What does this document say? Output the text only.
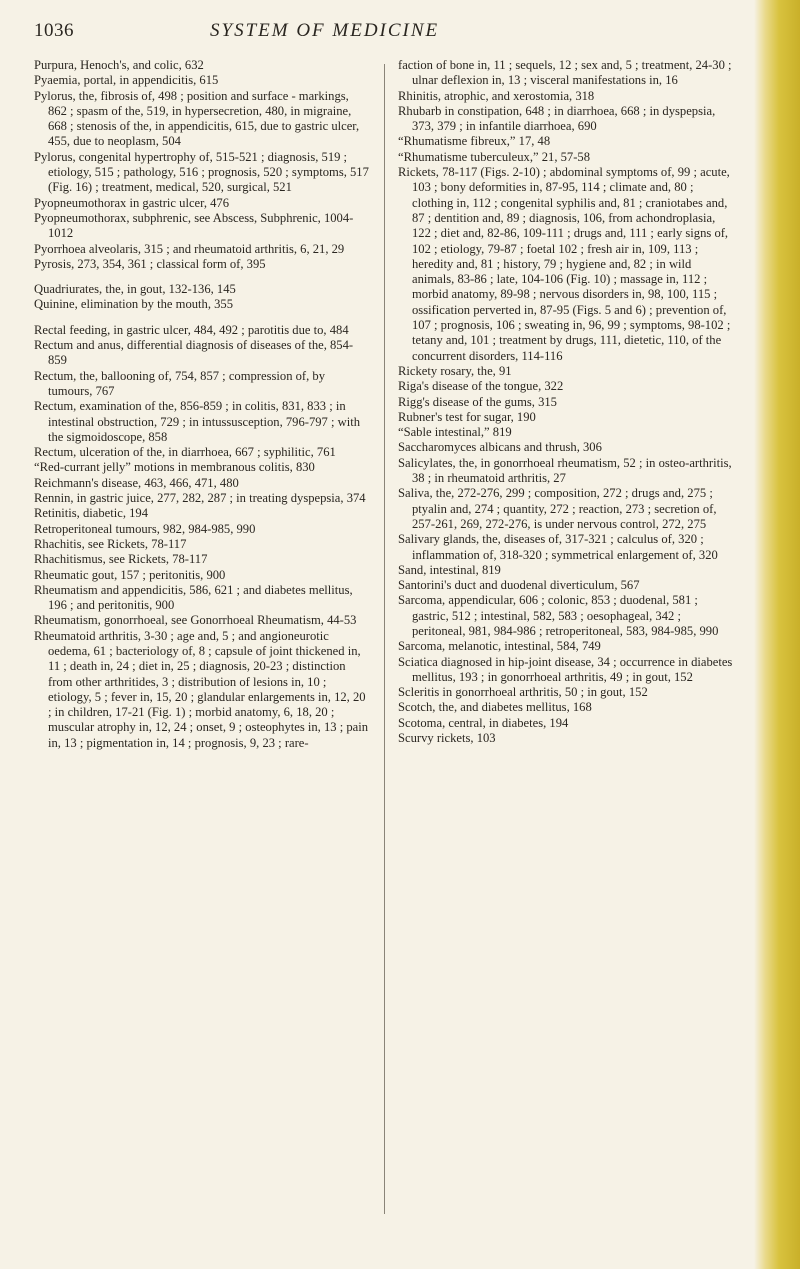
1036	SYSTEM OF MEDICINE

Purpura, Henoch's, and colic, 632

Pyaemia, portal, in appendicitis, 615

Pylorus, the, fibrosis of, 498 ; position and surface - markings, 862 ; spasm of the, 519, in hypersecretion, 480, in migraine, 668 ; stenosis of the, in appendicitis, 615, due to gastric ulcer, 455, due to neoplasm, 504

Pylorus, congenital hypertrophy of, 515-521 ; diagnosis, 519 ; etiology, 515 ; pathology, 516 ; prognosis, 520 ; symptoms, 517 (Fig. 16) ; treatment, medical, 520, surgical, 521

Pyopneumothorax in gastric ulcer, 476

Pyopneumothorax, subphrenic, see Abscess, Subphrenic, 1004-1012

Pyorrhoea alveolaris, 315 ; and rheumatoid arthritis, 6, 21, 29

Pyrosis, 273, 354, 361 ; classical form of, 395

Quadriurates, the, in gout, 132-136, 145

Quinine, elimination by the mouth, 355

Rectal feeding, in gastric ulcer, 484, 492 ; parotitis due to, 484

Rectum and anus, differential diagnosis of diseases of the, 854-859

Rectum, the, ballooning of, 754, 857 ; compression of, by tumours, 767

Rectum, examination of the, 856-859 ; in colitis, 831, 833 ; in intestinal obstruction, 729 ; in intussusception, 796-797 ; with the sigmoidoscope, 858

Rectum, ulceration of the, in diarrhoea, 667 ; syphilitic, 761

“Red-currant jelly” motions in membranous colitis, 830

Reichmann's disease, 463, 466, 471, 480

Rennin, in gastric juice, 277, 282, 287 ; in treating dyspepsia, 374

Retinitis, diabetic, 194

Retroperitoneal tumours, 982, 984-985, 990

Rhachitis, see Rickets, 78-117

Rhachitismus, see Rickets, 78-117

Rheumatic gout, 157 ; peritonitis, 900

Rheumatism and appendicitis, 586, 621 ; and diabetes mellitus, 196 ; and peritonitis, 900

Rheumatism, gonorrhoeal, see Gonorrhoeal Rheumatism, 44-53

Rheumatoid arthritis, 3-30 ; age and, 5 ; and angioneurotic oedema, 61 ; bacteriology of, 8 ; capsule of joint thickened in, 11 ; death in, 24 ; diet in, 25 ; diagnosis, 20-23 ; distinction from other arthritides, 3 ; distribution of lesions in, 10 ; etiology, 5 ; fever in, 15, 20 ; glandular enlargements in, 12, 20 ; in children, 17-21 (Fig. 1) ; morbid anatomy, 6, 18, 20 ; muscular atrophy in, 12, 24 ; onset, 9 ; osteophytes in, 13 ; pain in, 13 ; pigmentation in, 14 ; prognosis, 9, 23 ; rare-

faction of bone in, 11 ; sequels, 12 ; sex and, 5 ; treatment, 24-30 ; ulnar deflexion in, 13 ; visceral manifestations in, 16

Rhinitis, atrophic, and xerostomia, 318

Rhubarb in constipation, 648 ; in diarrhoea, 668 ; in dyspepsia, 373, 379 ; in infantile diarrhoea, 690

“Rhumatisme fibreux,” 17, 48

“Rhumatisme tuberculeux,” 21, 57-58

Rickets, 78-117 (Figs. 2-10) ; abdominal symptoms of, 99 ; acute, 103 ; bony deformities in, 87-95, 114 ; climate and, 80 ; clothing in, 112 ; congenital syphilis and, 81 ; craniotabes and, 87 ; dentition and, 89 ; diagnosis, 106, from achondroplasia, 122 ; diet and, 82-86, 109-111 ; drugs and, 111 ; early signs of, 102 ; etiology, 79-87 ; foetal 102 ; fresh air in, 109, 113 ; heredity and, 81 ; history, 79 ; hygiene and, 82 ; in wild animals, 83-86 ; late, 104-106 (Fig. 10) ; massage in, 112 ; morbid anatomy, 89-98 ; nervous disorders in, 98, 100, 115 ; ossification perverted in, 87-95 (Figs. 5 and 6) ; prevention of, 107 ; prognosis, 106 ; sweating in, 96, 99 ; symptoms, 98-102 ; tetany and, 101 ; treatment by drugs, 111, dietetic, 110, of the concurrent disorders, 114-116

Rickety rosary, the, 91

Riga's disease of the tongue, 322

Rigg's disease of the gums, 315

Rubner's test for sugar, 190

“Sable intestinal,” 819

Saccharomyces albicans and thrush, 306

Salicylates, the, in gonorrhoeal rheumatism, 52 ; in osteo-arthritis, 38 ; in rheumatoid arthritis, 27

Saliva, the, 272-276, 299 ; composition, 272 ; drugs and, 275 ; ptyalin and, 274 ; quantity, 272 ; reaction, 273 ; secretion of, 257-261, 269, 272-276, is under nervous control, 272, 275

Salivary glands, the, diseases of, 317-321 ; calculus of, 320 ; inflammation of, 318-320 ; symmetrical enlargement of, 320

Sand, intestinal, 819

Santorini's duct and duodenal diverticulum, 567

Sarcoma, appendicular, 606 ; colonic, 853 ; duodenal, 581 ; gastric, 512 ; intestinal, 582, 583 ; oesophageal, 342 ; peritoneal, 981, 984-986 ; retroperitoneal, 583, 984-985, 990

Sarcoma, melanotic, intestinal, 584, 749

Sciatica diagnosed in hip-joint disease, 34 ; occurrence in diabetes mellitus, 193 ; in gonorrhoeal arthritis, 49 ; in gout, 152

Scleritis in gonorrhoeal arthritis, 50 ; in gout, 152

Scotch, the, and diabetes mellitus, 168

Scotoma, central, in diabetes, 194

Scurvy rickets, 103
